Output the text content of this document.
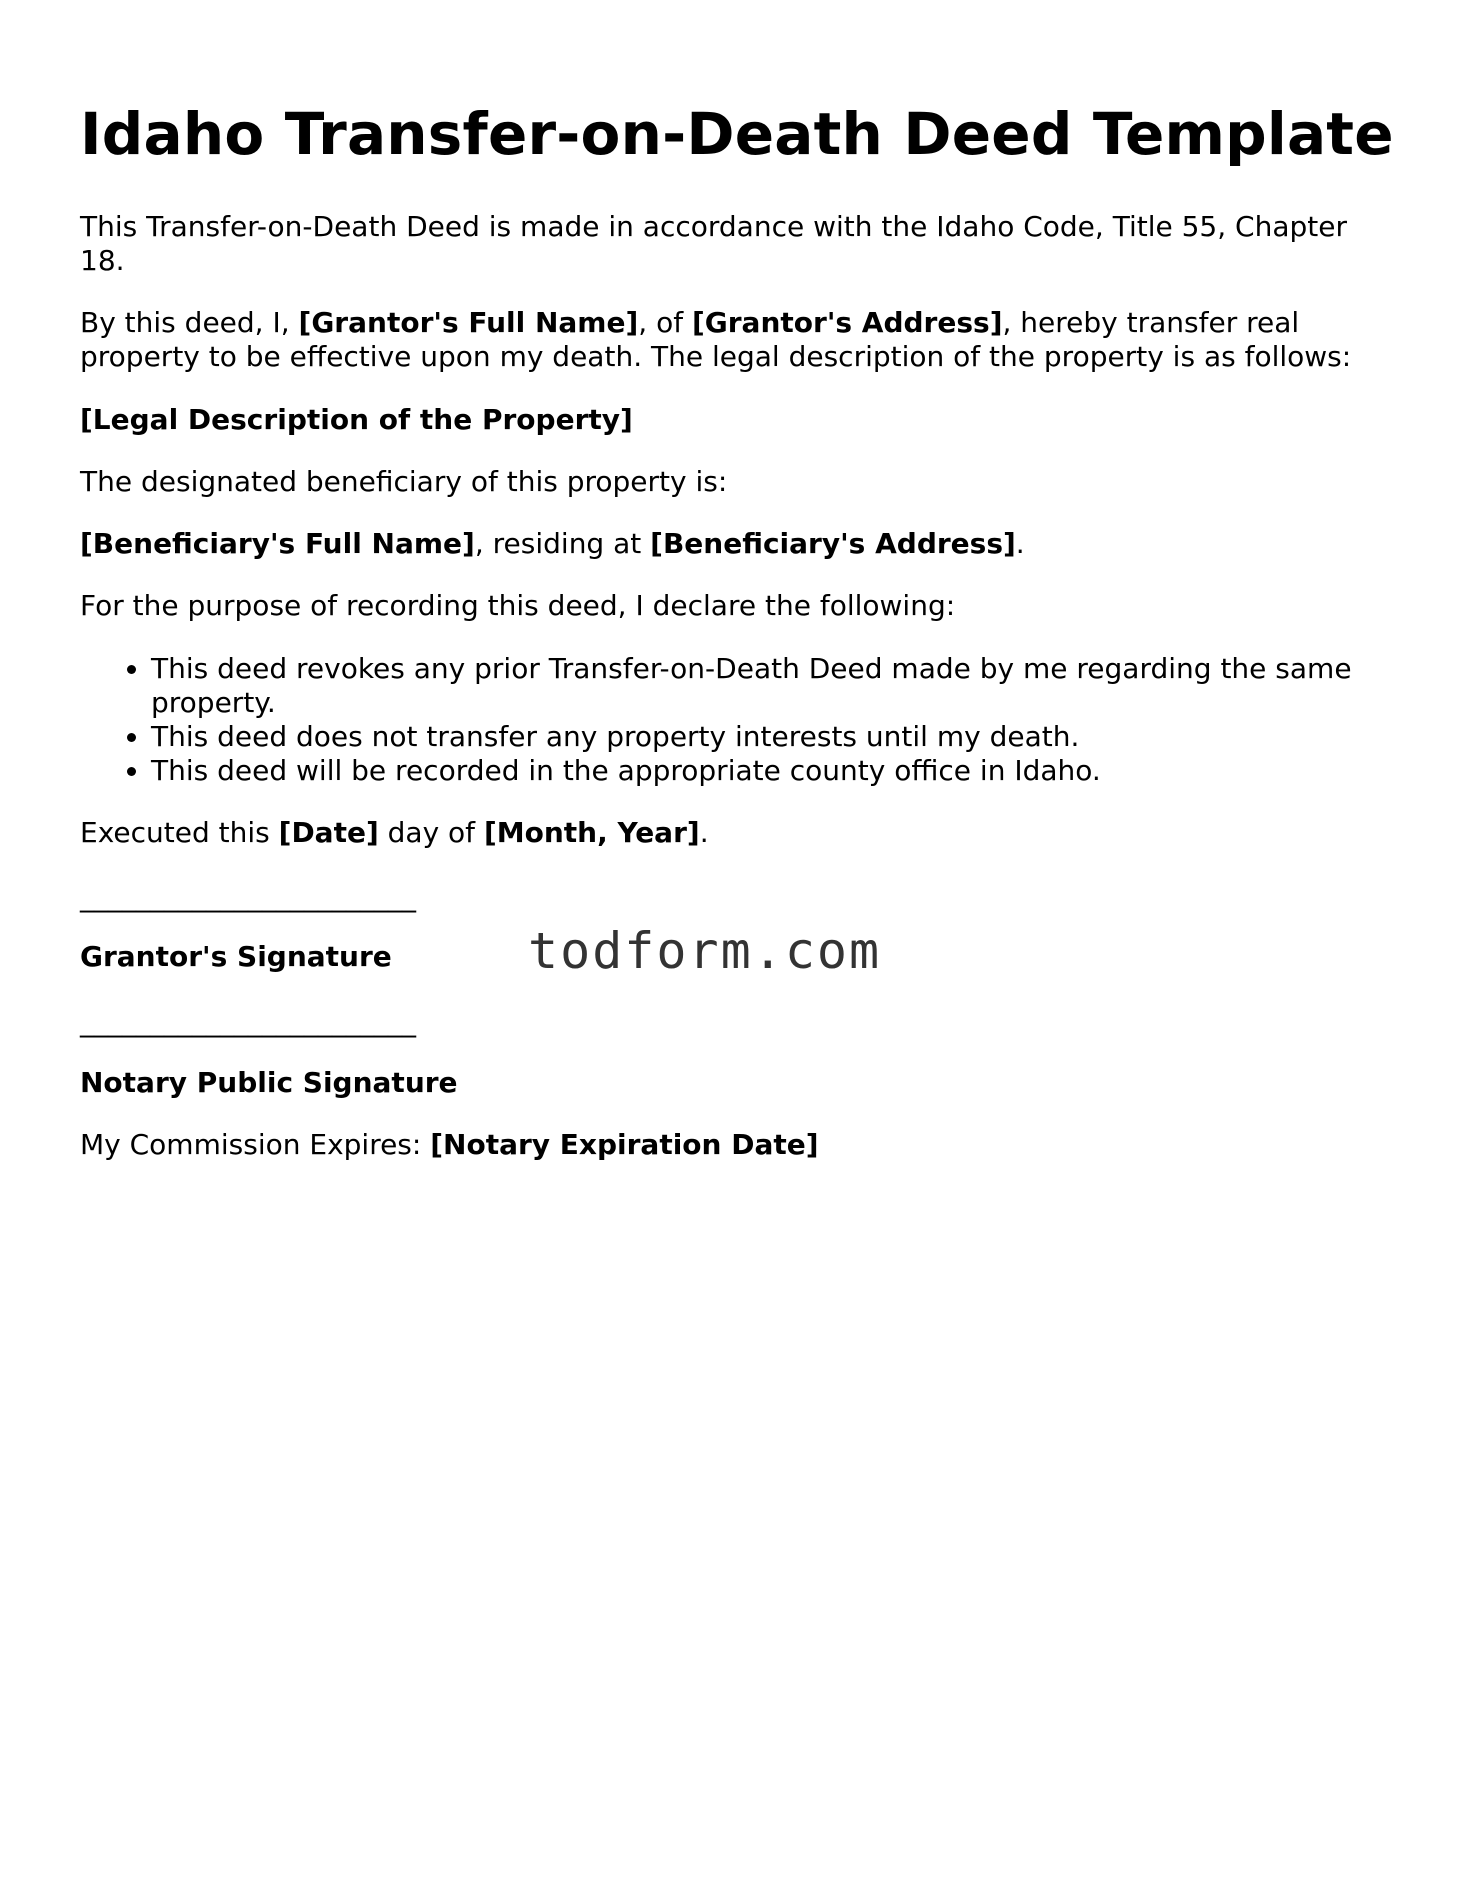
Idaho Transfer-on-Death Deed Template

This Transfer-on-Death Deed is made in accordance with the Idaho Code, Title 55, Chapter 18.

By this deed, I, [Grantor's Full Name], of [Grantor's Address], hereby transfer real property to be effective upon my death. The legal description of the property is as follows:

[Legal Description of the Property]

The designated beneficiary of this property is:

[Beneficiary's Full Name], residing at [Beneficiary's Address].

For the purpose of recording this deed, I declare the following:

• This deed revokes any prior Transfer-on-Death Deed made by me regarding the same property.
• This deed does not transfer any property interests until my death.
• This deed will be recorded in the appropriate county office in Idaho.

Executed this [Date] day of [Month, Year].

________________________

Grantor's Signature

________________________

Notary Public Signature

My Commission Expires: [Notary Expiration Date]

todform.com
